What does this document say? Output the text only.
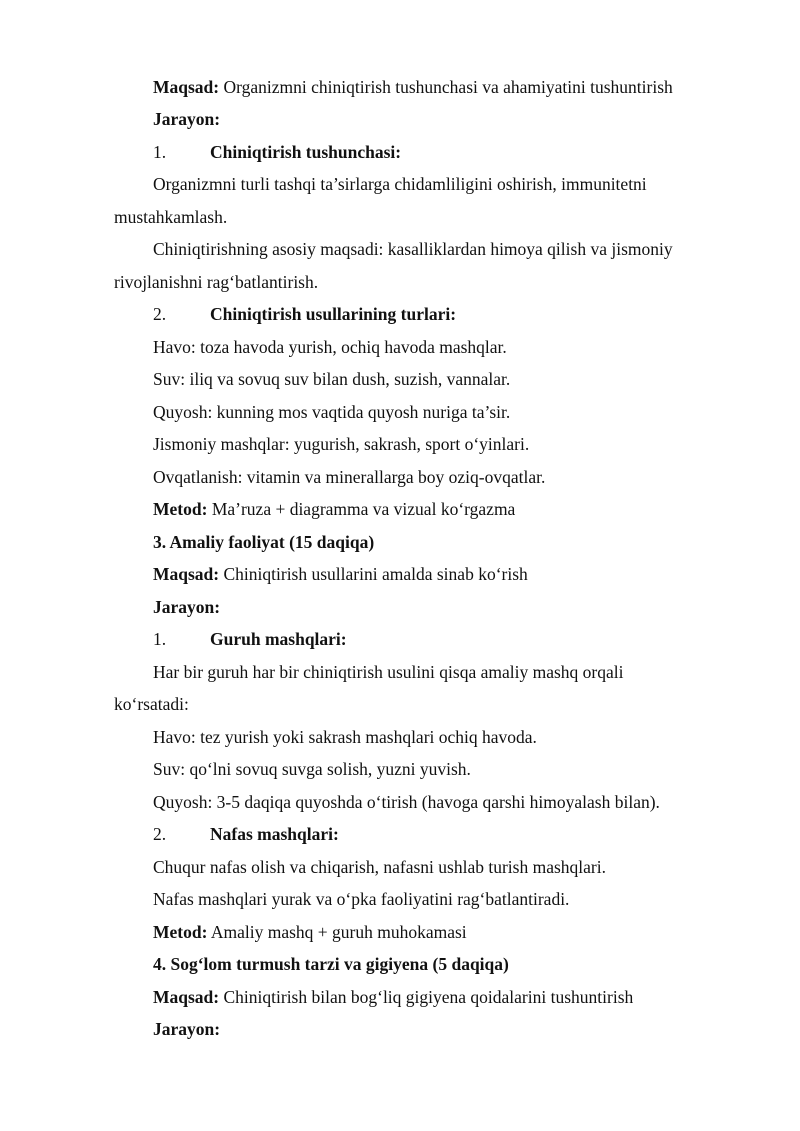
Maqsad: Organizmni chiniqtirish tushunchasi va ahamiyatini tushuntirish
Jarayon:
1.	Chiniqtirish tushunchasi:
Organizmni turli tashqi ta’sirlarga chidamliligini oshirish, immunitetni
mustahkamlash.
Chiniqtirishning asosiy maqsadi: kasalliklardan himoya qilish va jismoniy
rivojlanishni rag‘batlantirish.
2.	Chiniqtirish usullarining turlari:
Havo: toza havoda yurish, ochiq havoda mashqlar.
Suv: iliq va sovuq suv bilan dush, suzish, vannalar.
Quyosh: kunning mos vaqtida quyosh nuriga ta’sir.
Jismoniy mashqlar: yugurish, sakrash, sport o‘yinlari.
Ovqatlanish: vitamin va minerallarga boy oziq-ovqatlar.
Metod: Ma’ruza + diagramma va vizual ko‘rgazma
3. Amaliy faoliyat (15 daqiqa)
Maqsad: Chiniqtirish usullarini amalda sinab ko‘rish
Jarayon:
1.	Guruh mashqlari:
Har bir guruh har bir chiniqtirish usulini qisqa amaliy mashq orqali
ko‘rsatadi:
Havo: tez yurish yoki sakrash mashqlari ochiq havoda.
Suv: qo‘lni sovuq suvga solish, yuzni yuvish.
Quyosh: 3-5 daqiqa quyoshda o‘tirish (havoga qarshi himoyalash bilan).
2.	Nafas mashqlari:
Chuqur nafas olish va chiqarish, nafasni ushlab turish mashqlari.
Nafas mashqlari yurak va o‘pka faoliyatini rag‘batlantiradi.
Metod: Amaliy mashq + guruh muhokamasi
4. Sog‘lom turmush tarzi va gigiyena (5 daqiqa)
Maqsad: Chiniqtirish bilan bog‘liq gigiyena qoidalarini tushuntirish
Jarayon:
